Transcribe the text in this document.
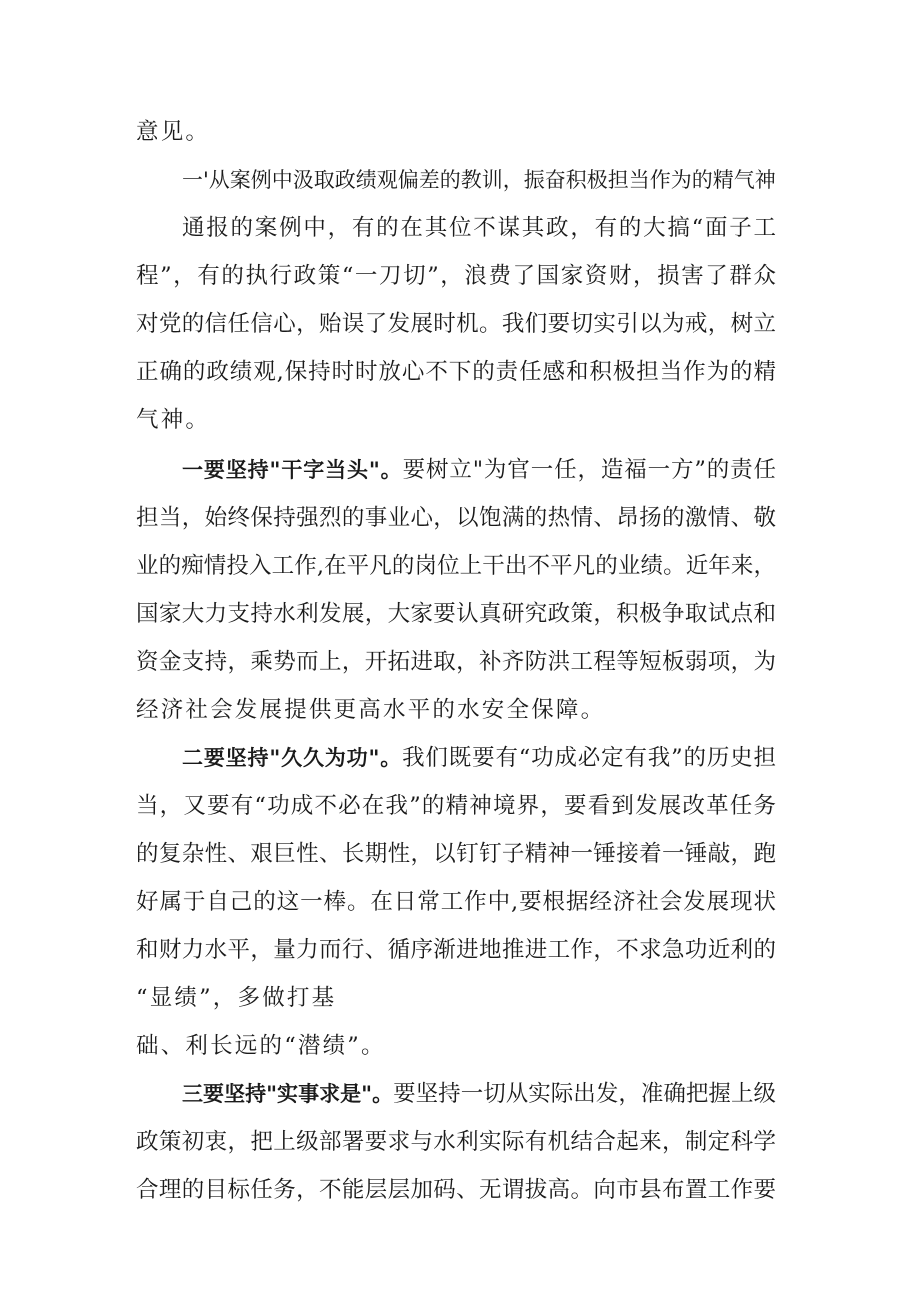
意见。
一'从案例中汲取政绩观偏差的教训，振奋积极担当作为的精气神
通报的案例中，有的在其位不谋其政，有的大搞“面子工
程”，有的执行政策“一刀切”，浪费了国家资财，损害了群众
对党的信任信心，贻误了发展时机。我们要切实引以为戒，树立
正确的政绩观,保持时时放心不下的责任感和积极担当作为的精
气神。
一要坚持"干字当头"。要树立"为官一任，造福一方”的责任
担当，始终保持强烈的事业心，以饱满的热情、昂扬的激情、敬
业的痴情投入工作,在平凡的岗位上干出不平凡的业绩。近年来，
国家大力支持水利发展，大家要认真研究政策，积极争取试点和
资金支持，乘势而上，开拓进取，补齐防洪工程等短板弱项，为
经济社会发展提供更高水平的水安全保障。
二要坚持"久久为功"。我们既要有“功成必定有我”的历史担
当，又要有“功成不必在我”的精神境界，要看到发展改革任务
的复杂性、艰巨性、长期性，以钉钉子精神一锤接着一锤敲，跑
好属于自己的这一棒。在日常工作中,要根据经济社会发展现状
和财力水平，量力而行、循序渐进地推进工作，不求急功近利的
“显绩”，多做打基
础、利长远的“潜绩”。
三要坚持"实事求是"。要坚持一切从实际出发，准确把握上级
政策初衷，把上级部署要求与水利实际有机结合起来，制定科学
合理的目标任务，不能层层加码、无谓拔高。向市县布置工作要
